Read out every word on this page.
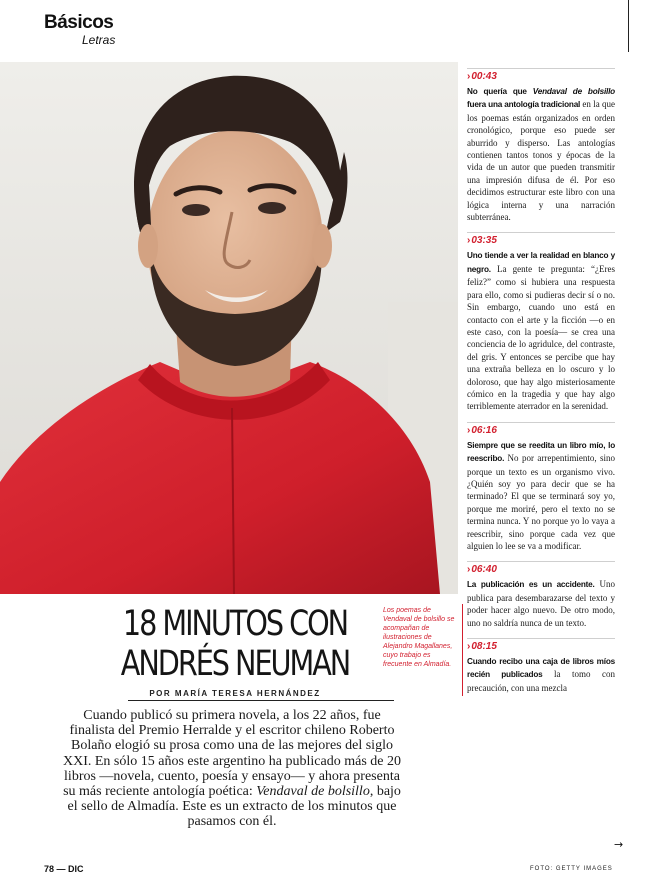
Básicos
Letras
Los poemas de Vendaval de bolsillo se acompañan de ilustraciones de Alejandro Magallanes, cuyo trabajo es frecuente en Almadía.
18 MINUTOS CON
ANDRÉS NEUMAN
POR MARÍA TERESA HERNÁNDEZ
Cuando publicó su primera novela, a los 22 años, fue finalista del Premio Herralde y el escritor chileno Roberto Bolaño elogió su prosa como una de las mejores del siglo XXI. En sólo 15 años este argentino ha publicado más de 20 libros —novela, cuento, poesía y ensayo— y ahora presenta su más reciente antología poética: Vendaval de bolsillo, bajo el sello de Almadía. Este es un extracto de los minutos que pasamos con él.
› 00:43
No quería que Vendaval de bolsillo fuera una antología tradicional en la que los poemas están organizados en orden cronológico, porque eso puede ser aburrido y disperso. Las antologías contienen tantos tonos y épocas de la vida de un autor que pueden transmitir una impresión difusa de él. Por eso decidimos estructurar este libro con una lógica interna y una narración subterránea.
› 03:35
Uno tiende a ver la realidad en blanco y negro. La gente te pregunta: “¿Eres feliz?” como si hubiera una respuesta para ello, como si pudieras decir sí o no. Sin embargo, cuando uno está en contacto con el arte y la ficción —o en este caso, con la poesía— se crea una conciencia de lo agridulce, del contraste, del gris. Y entonces se percibe que hay una extraña belleza en lo oscuro y lo doloroso, que hay algo misteriosamente cómico en la tragedia y que hay algo terriblemente aterrador en la serenidad.
› 06:16
Siempre que se reedita un libro mío, lo reescribo. No por arrepentimiento, sino porque un texto es un organismo vivo. ¿Quién soy yo para decir que se ha terminado? El que se terminará soy yo, porque me moriré, pero el texto no se termina nunca. Y no porque yo lo vaya a reescribir, sino porque cada vez que alguien lo lee se va a modificar.
› 06:40
La publicación es un accidente. Uno publica para desembarazarse del texto y poder hacer algo nuevo. De otro modo, uno no saldría nunca de un texto.
› 08:15
Cuando recibo una caja de libros míos recién publicados la tomo con precaución, con una mezcla
→
78 — DIC	FOTO: GETTY IMAGES
